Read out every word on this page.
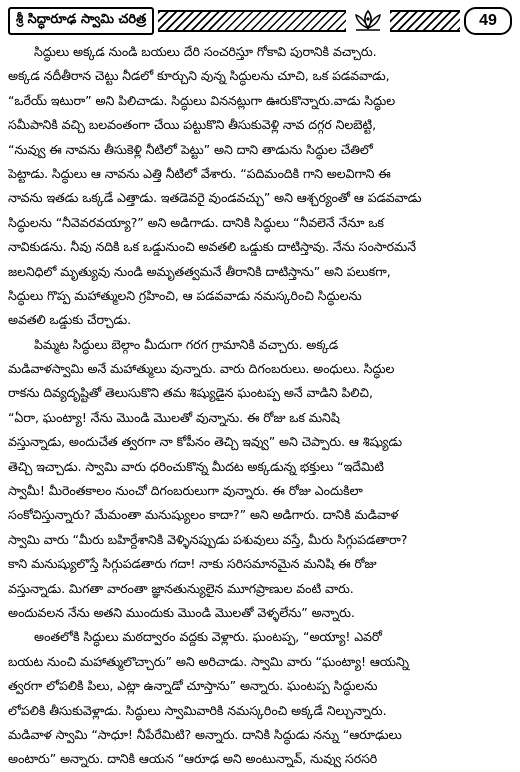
శ్రీ సిద్ధారూఢ స్వామి చరిత్ర	49
సిద్ధులు అక్కడ నుండి బయలు దేరి సంచరిస్తూ గోకావి పురానికి వచ్చారు.
అక్కడ నదీతీరాన చెట్టు నీడలో కూర్చుని వున్న సిద్ధులను చూచి, ఒక పడవవాడు,
“ఒరేయ్ ఇటురా” అని పిలిచాడు. సిద్ధులు విననట్లుగా ఊరుకొన్నారు.వాడు సిద్ధుల
సమీపానికి వచ్చి బలవంతంగా చేయి పట్టుకొని తీసుకువెళ్లి నావ దగ్గర నిలబెట్టి,
“నువ్వు ఈ నావను తీసుకెళ్లి నీటిలో పెట్టు” అని దాని తాడును సిద్ధుల చేతిలో
పెట్టాడు. సిద్ధులు ఆ నావను ఎత్తి నీటిలో వేశారు. “పదిమందికి గాని అలవిగాని ఈ
నావను ఇతడు ఒక్కడే ఎత్తాడు. ఇతడెవరై వుండవచ్చు” అని ఆశ్చర్యంతో ఆ పడవవాడు
సిద్ధులను “నీవెవరవయ్యా?” అని అడిగాడు. దానికి సిద్ధులు “నీవలెనే నేనూ ఒక
నావికుడను. నీవు నదికి ఒక ఒడ్డునుంచి అవతలి ఒడ్డుకు దాటిస్తావు. నేను సంసారమనే
జలనిధిలో మృత్యువు నుండి అమృతత్వమనే తీరానికి దాటిస్తాను” అని పలుకగా,
సిద్ధులు గొప్ప మహాత్ములని గ్రహించి, ఆ పడవవాడు నమస్కరించి సిద్ధులను
అవతలి ఒడ్డుకు చేర్చాడు.
పిమ్మట సిద్ధులు బెల్గాం మీదుగా గరగ గ్రామానికి వచ్చారు. అక్కడ
మడివాళస్వామి అనే మహాత్ములు వున్నారు. వారు దిగంబరులు. అంధులు. సిద్ధుల
రాకను దివ్యదృష్టితో తెలుసుకొని తమ శిష్యుడైన ఘంటప్ప అనే వాడిని పిలిచి,
“ఏరా, ఘంట్యా! నేను మొండి మొలతో వున్నాను. ఈ రోజు ఒక మనిషి
వస్తున్నాడు, అందుచేత త్వరగా నా కోపీనం తెచ్చి ఇవ్వు” అని చెప్పారు. ఆ శిష్యుడు
తెచ్చి ఇచ్చాడు. స్వామి వారు ధరించుకొన్న మీదట అక్కడున్న భక్తులు “ఇదేమిటి
స్వామీ! మీరెంతకాలం నుంచో దిగంబరులుగా వున్నారు. ఈ రోజు ఎందుకిలా
సంకోచిస్తున్నారు? మేమంతా మనుష్యులం కాదా?” అని అడిగారు. దానికి మడివాళ
స్వామి వారు “మీరు బహిర్దేశానికి వెళ్ళినప్పుడు పశువులు వస్తే, మీరు సిగ్గుపడతారా?
కాని మనుష్యులొస్తే సిగ్గుపడతారు గదా! నాకు సరిసమానమైన మనిషి ఈ రోజు
వస్తున్నాడు. మిగతా వారంతా జ్ఞానతున్యులైన మూగప్రాణుల వంటి వారు.
అందువలన నేను అతని ముందుకు మొండి మొలతో వెళ్ళలేను” అన్నారు.
అంతలోకి సిద్ధులు మఠద్వారం వద్దకు వెళ్లారు. ఘంటప్ప, “అయ్యా! ఎవరో
బయట నుంచి మహాత్ములొచ్చారు” అని అరిచాడు. స్వామి వారు “ఘంట్యా! ఆయన్ని
త్వరగా లోపలికి పిలు, ఎట్లా ఉన్నాడో చూస్తాను” అన్నారు. ఘంటప్ప సిద్ధులను
లోపలికి తీసుకువెళ్లాడు. సిద్ధులు స్వామివారికి నమస్కరించి అక్కడే నిల్చున్నారు.
మడివాళ స్వామి “సాధూ! నీపేరేమిటి? అన్నారు. దానికి సిద్ధుడు నన్ను “ఆరూఢులు
అంటారు” అన్నారు. దానికి ఆయన “ఆరూఢ అని అంటున్నావ్, నువ్వు సరసరి
